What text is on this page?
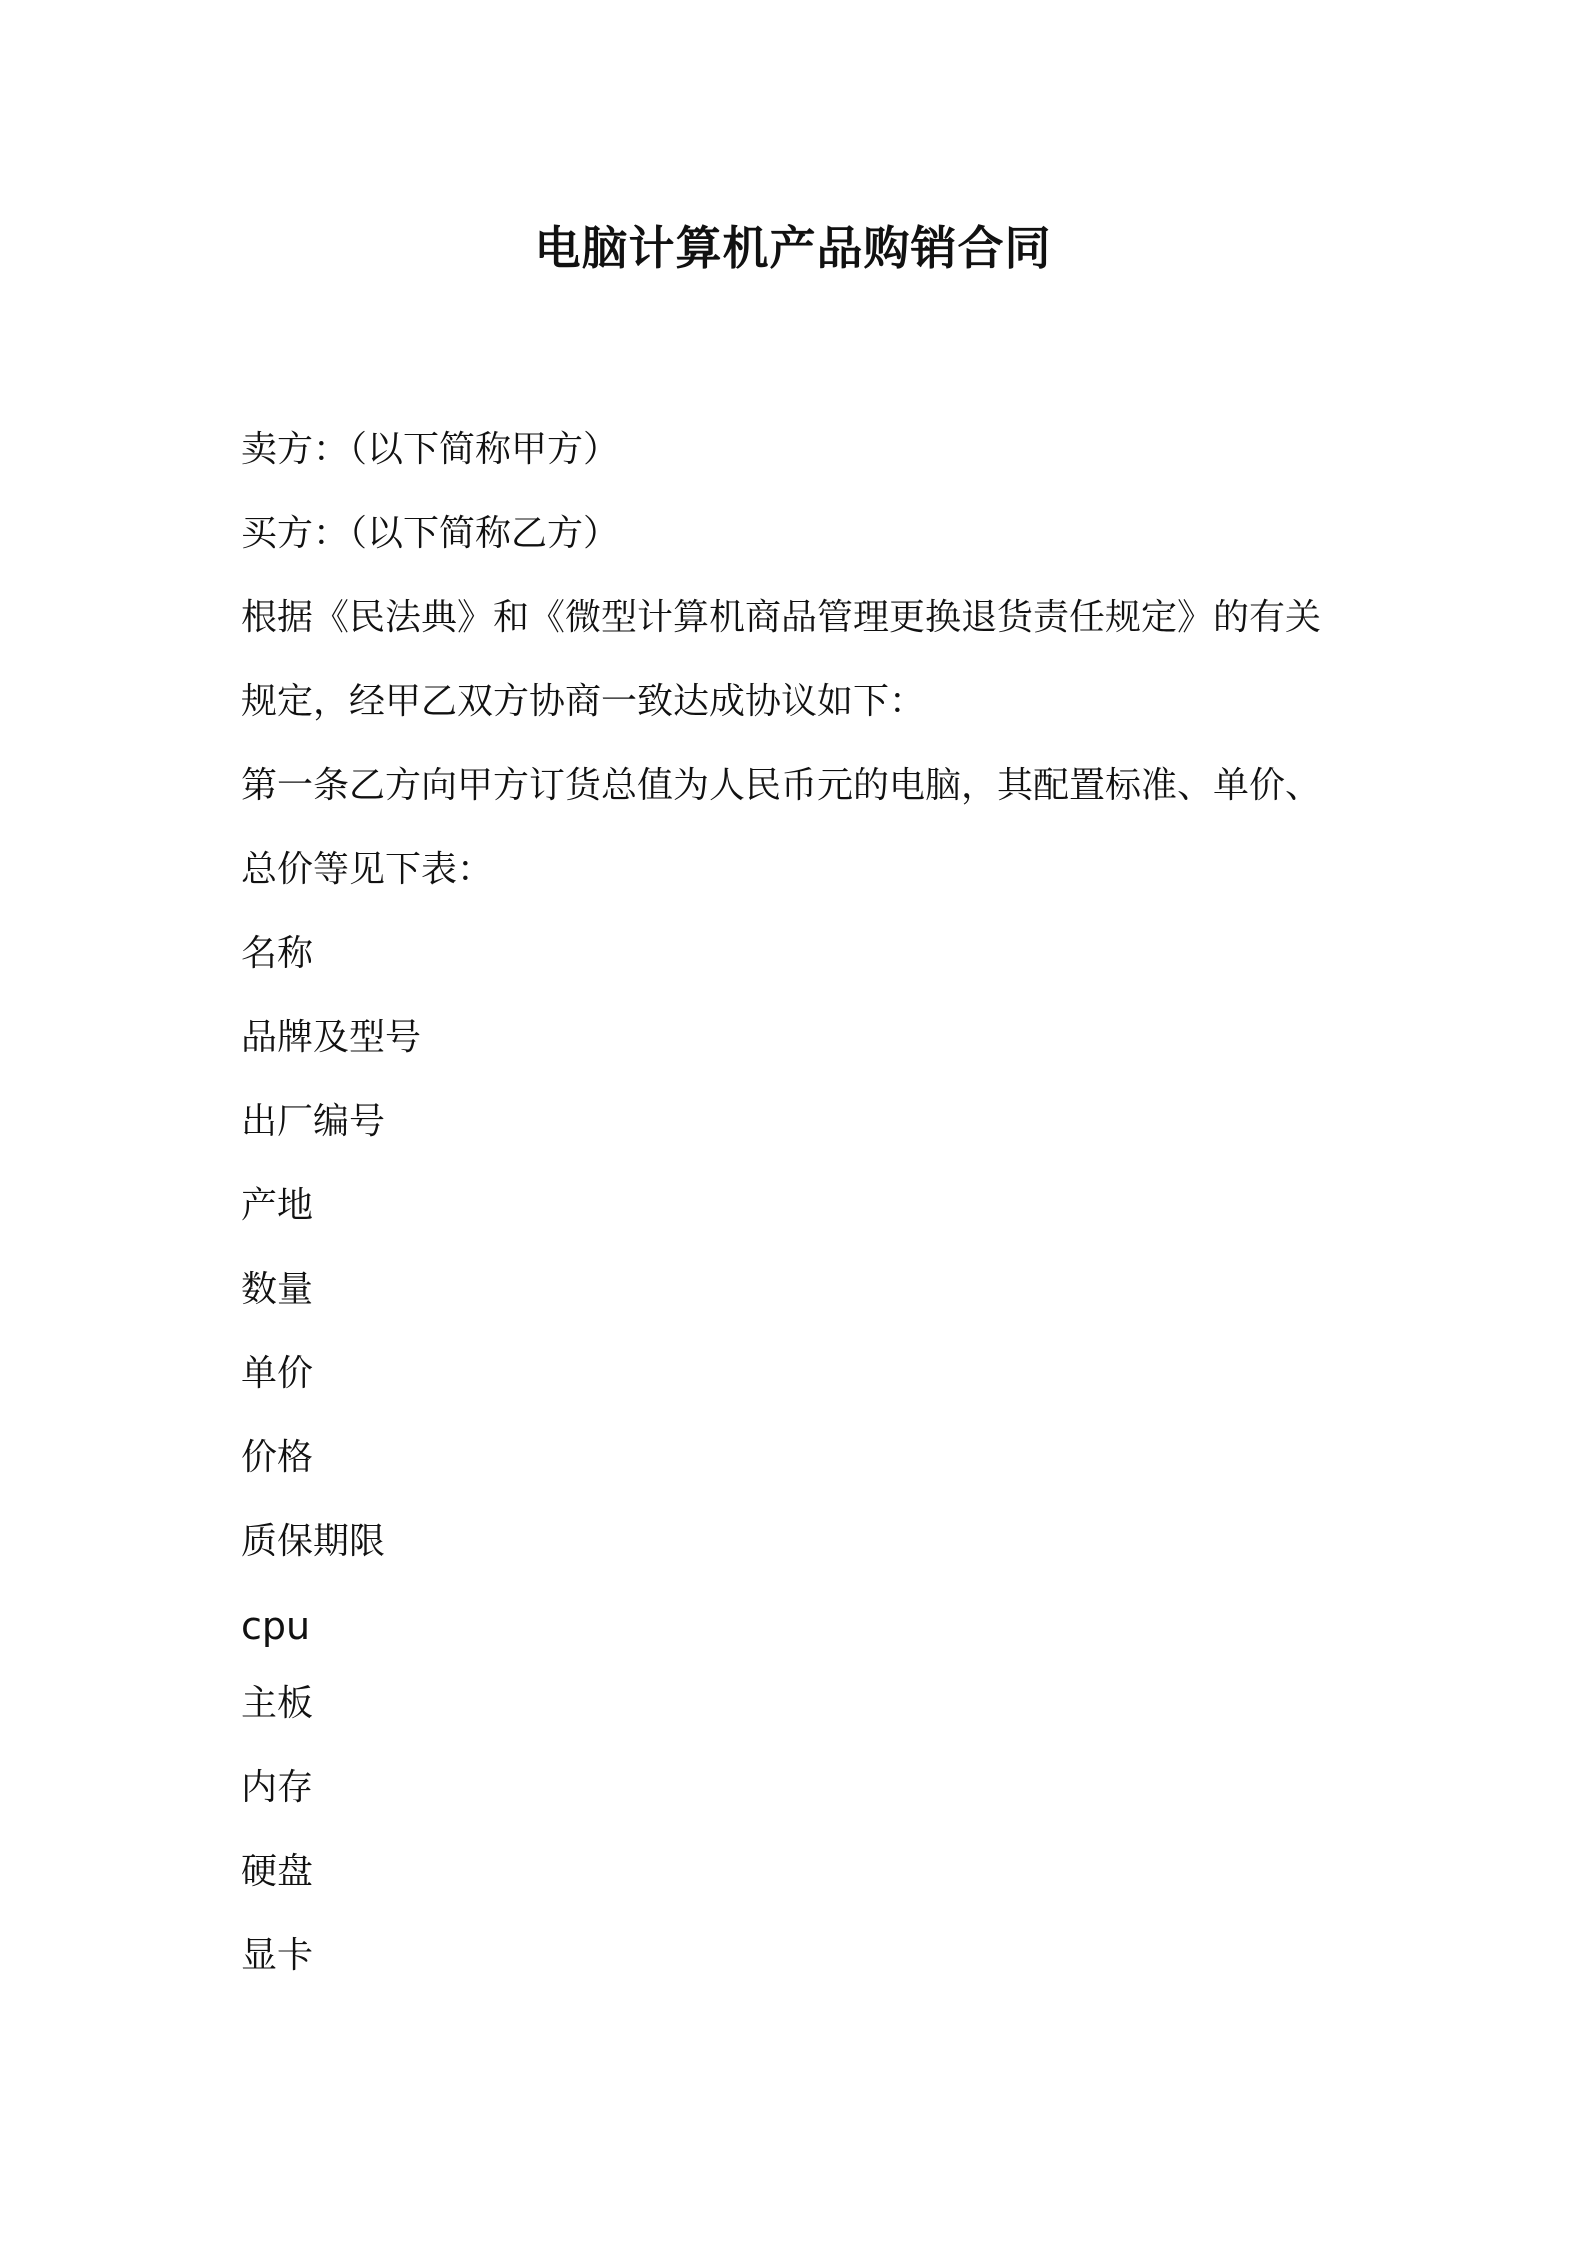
电脑计算机产品购销合同
卖方：（以下简称甲方）
买方：（以下简称乙方）
根据《民法典》和《微型计算机商品管理更换退货责任规定》的有关
规定，经甲乙双方协商一致达成协议如下：
第一条乙方向甲方订货总值为人民币元的电脑，其配置标准、单价、
总价等见下表：
名称
品牌及型号
出厂编号
产地
数量
单价
价格
质保期限
cpu
主板
内存
硬盘
显卡
